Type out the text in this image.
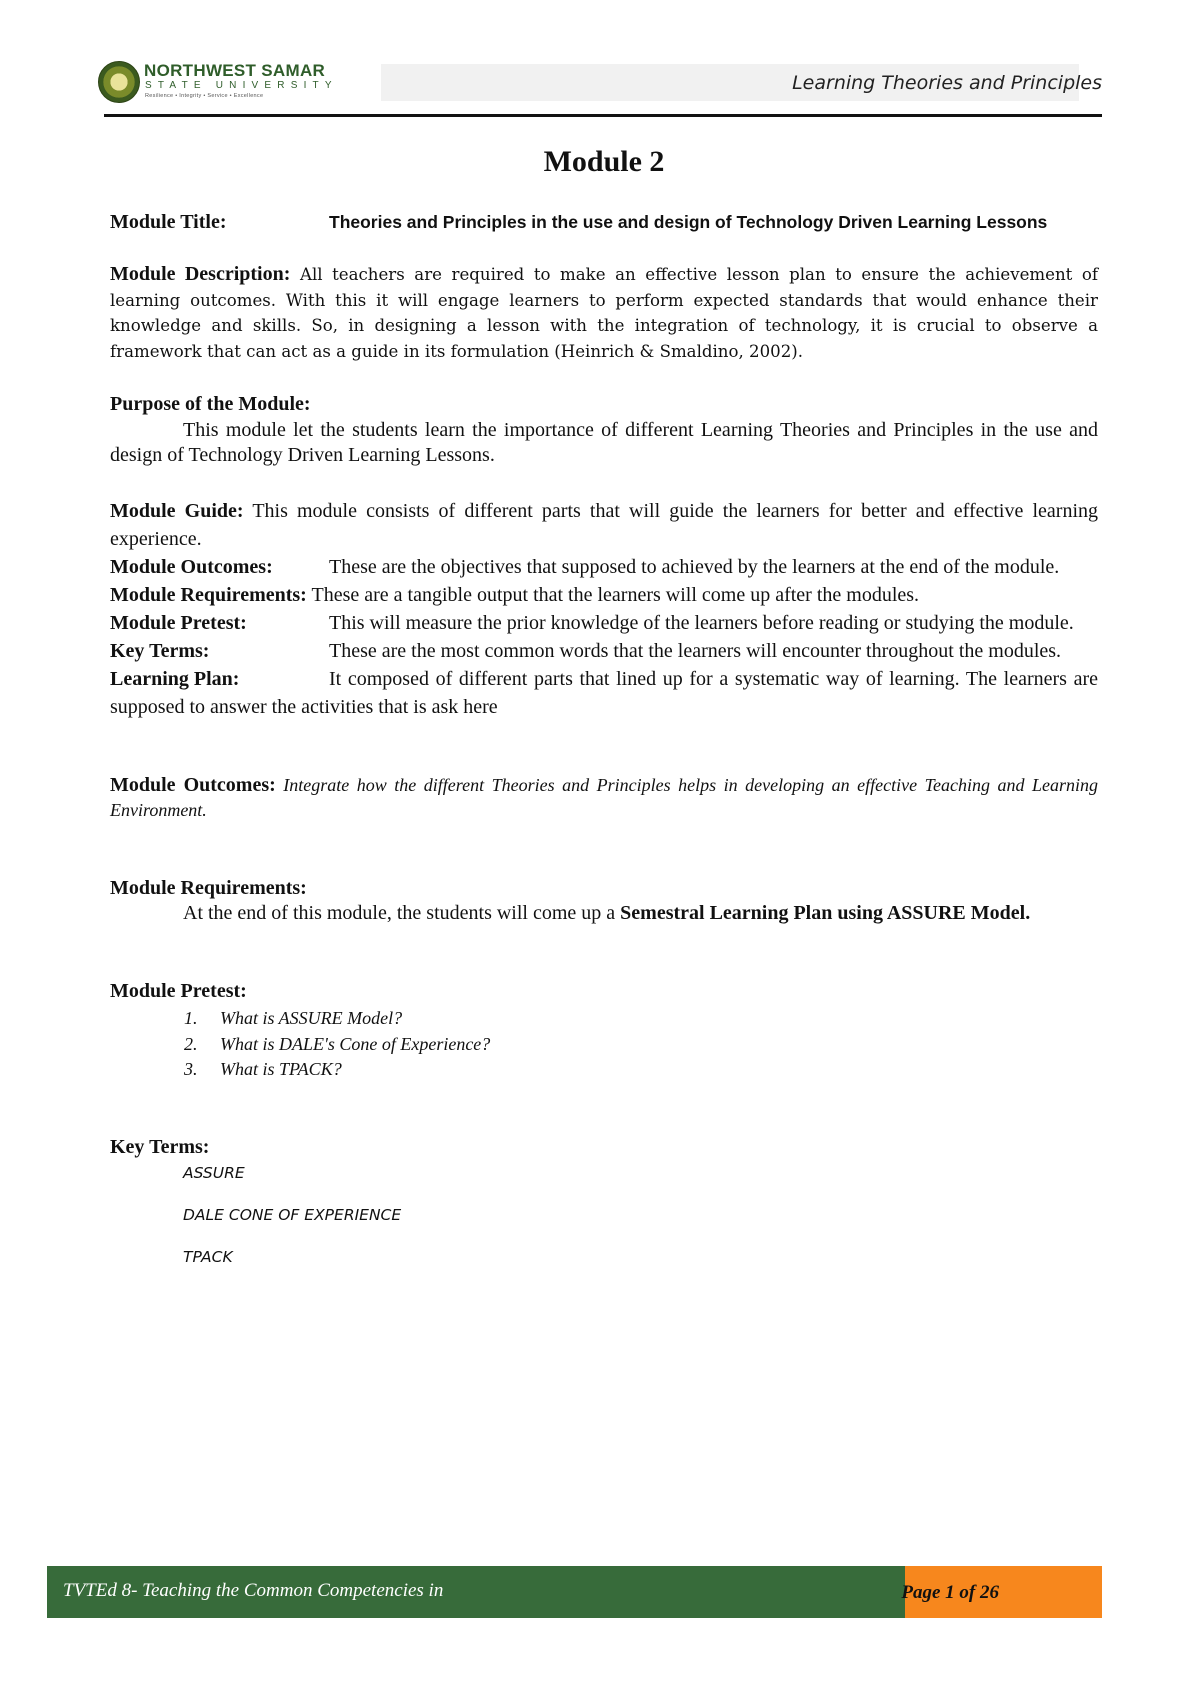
NORTHWEST SAMAR
STATE UNIVERSITY
Resilience • Integrity • Service • Excellence
Learning Theories and Principles
Module 2
Module Title:	Theories and Principles in the use and design of Technology Driven Learning Lessons

Module Description: All teachers are required to make an effective lesson plan to ensure the achievement of learning outcomes. With this it will engage learners to perform expected standards that would enhance their knowledge and skills. So, in designing a lesson with the integration of technology, it is crucial to observe a framework that can act as a guide in its formulation (Heinrich & Smaldino, 2002).

Purpose of the Module:

This module let the students learn the importance of different Learning Theories and Principles in the use and design of Technology Driven Learning Lessons.

Module Guide: This module consists of different parts that will guide the learners for better and effective learning experience.

Module Outcomes:	These are the objectives that supposed to achieved by the learners at the end of the module.

Module Requirements: These are a tangible output that the learners will come up after the modules.

Module Pretest:	This will measure the prior knowledge of the learners before reading or studying the module.

Key Terms:	These are the most common words that the learners will encounter throughout the modules.

Learning Plan:	It composed of different parts that lined up for a systematic way of learning. The learners are supposed to answer the activities that is ask here

Module Outcomes: Integrate how the different Theories and Principles helps in developing an effective Teaching and Learning Environment.

Module Requirements:

At the end of this module, the students will come up a Semestral Learning Plan using ASSURE Model.

Module Pretest:

1. What is ASSURE Model?
2. What is DALE's Cone of Experience?
3. What is TPACK?

Key Terms:

ASSURE
DALE CONE OF EXPERIENCE
TPACK
TVTEd 8- Teaching the Common Competencies in	Page 1 of 26
